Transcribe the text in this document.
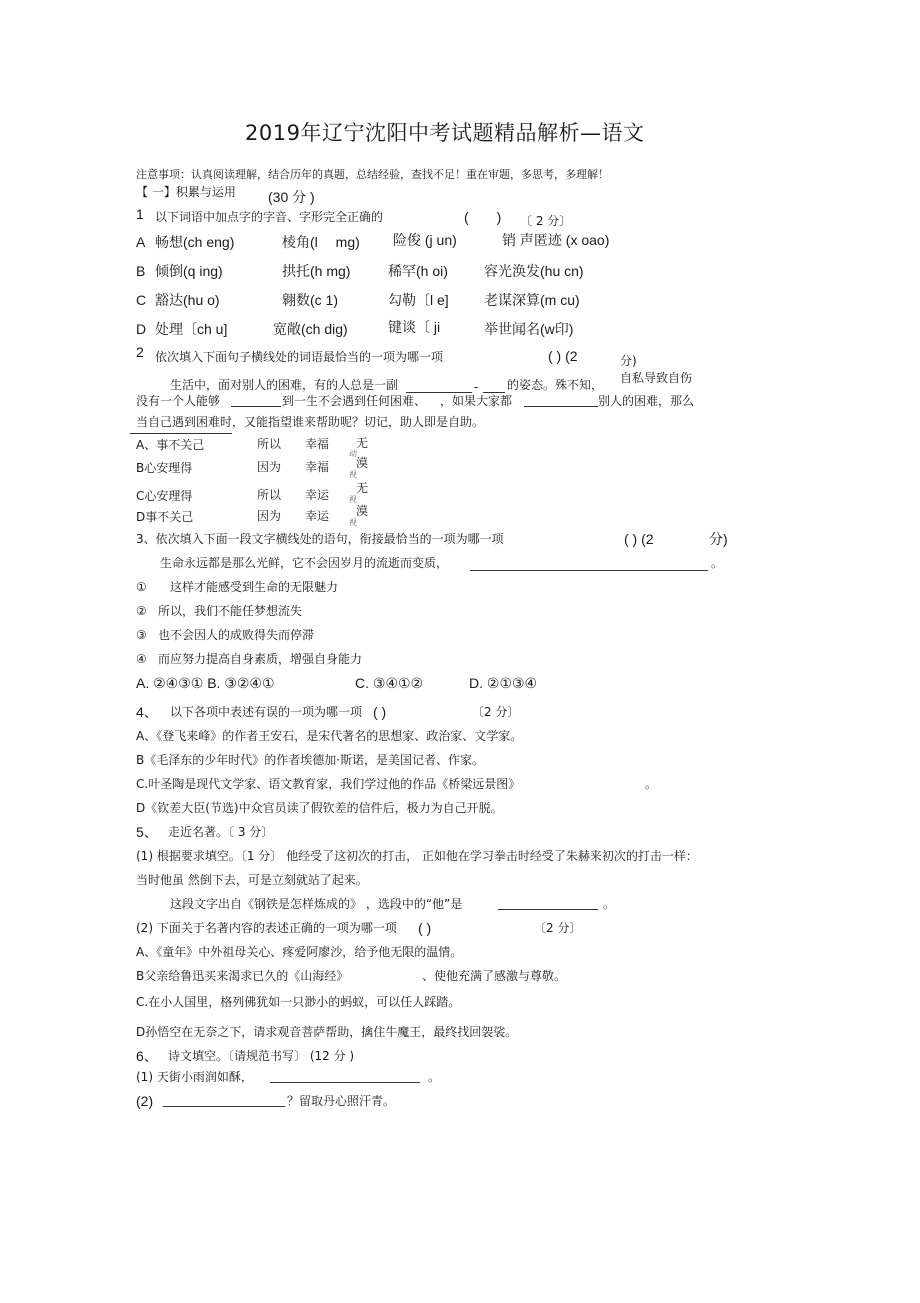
2019年辽宁沈阳中考试题精品解析—语文
注意事项：认真阅读理解，结合历年的真题，总结经验，查找不足！重在审题，多思考，多理解！
【 一】积累与运用 (30 分 )
1 以下词语中加点字的字音、字形完全正确的	(　　) 〔 2 分〕
A 畅想(ch eng)	棱角(l　 mg) 险俊 (j un)	销 声匿迹 (x oao)
B 倾倒(q ing)	拱托(h mg)	稀罕(h oi)	容光涣发(hu cn)
C 豁达(hu o)	翱数(c 1)	勾勒〔l e]	老谋深算(m cu)
D 处理〔ch u]	宽敞(ch dig)	键谈〔 ji	举世闻名(w印)
2 依次填入下面句子横线处的词语最恰当的一项为哪一项	( ) (2	分)
生活中，面对别人的困难，有的人总是一副	- 的姿态。殊不知， 自私导致自伤
没有一个人能够	到一生不会遇到任何困难、 ，如果大家都	别人的困难，那么
当自己遇到困难时，又能指望谁来帮助呢？切记，助人即是自助。
A、事不关己	所以 幸福 无
动
B心安理得	因为 幸福 漠
视
C心安理得	所以 幸运 无
视
D事不关己	因为 幸运 漠
视
3、依次填入下面一段文字横线处的语句，衔接最恰当的一项为哪一项	( ) (2	分)
生命永远都是那么光鲜，它不会因岁月的流逝而变质，	。
① 这样才能感受到生命的无限魅力
② 所以，我们不能任梦想流失
③ 也不会因人的成败得失而停滞
④ 而应努力提高自身素质，增强自身能力
A. ②④③① B. ③②④①	C. ③④①②	D. ②①③④
4、 以下各项中表述有误的一项为哪一项 ( )	〔2 分〕
A、《登飞来峰》的作者王安石，是宋代著名的思想家、政治家、文学家。
B《毛泽东的少年时代》的作者埃德加·斯诺，是美国记者、作家。
C.叶圣陶是现代文学家、语文教育家，我们学过他的作品《桥梁远景图》	。
D《钦差大臣(节选)中众官员读了假钦差的信件后，极力为自己开脱。
5、 走近名著。〔 3 分〕
(1) 根据要求填空。〔1 分〕 他经受了这初次的打击， 正如他在学习拳击时经受了朱赫来初次的打击一样：
当时他虽 然倒下去，可是立刻就站了起来。
这段文字出自《钢铁是怎样炼成的》 ，选段中的“他”是	。
(2) 下面关于名著内容的表述正确的一项为哪一项 ( )	〔2 分〕
A、《童年》中外祖母关心、疼爱阿廖沙，给予他无限的温情。
B父亲给鲁迅买来渴求已久的《山海经》	、使他充满了感激与尊敬。
C.在小人国里，格列佛犹如一只渺小的蚂蚁，可以任人踩踏。
D孙悟空在无奈之下，请求观音菩萨帮助，擒住牛魔王，最终找回袈裟。
6、 诗文填空。〔请规范书写〕 (12 分 )
(1) 天街小雨润如酥，	。
(2)	？留取丹心照汗青。
